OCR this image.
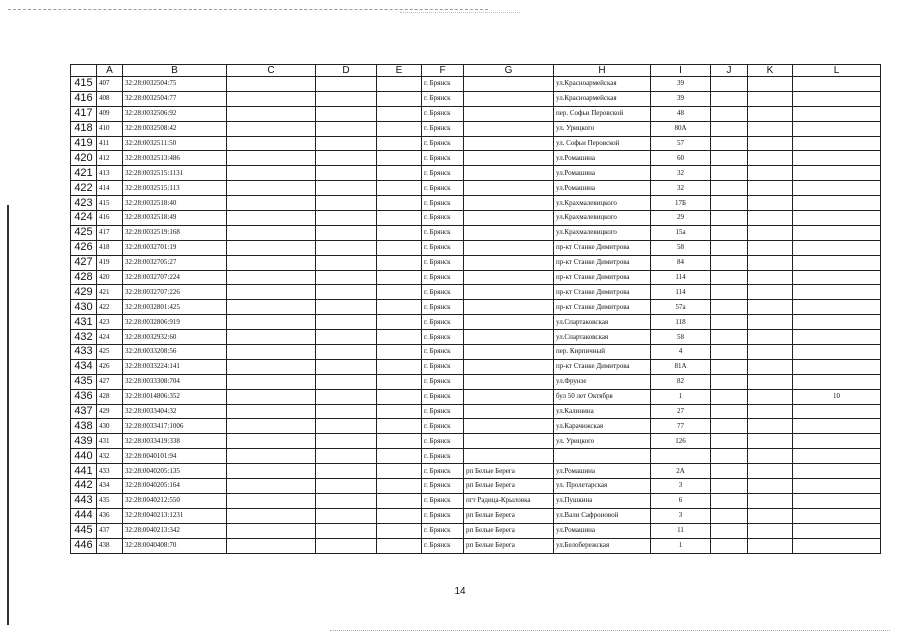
	A	B	C	D	E	F	G	H	I	J	K	L
415	407	32:28:0032504:75				г. Брянск		ул.Красноармейская	39			
416	408	32:28:0032504:77				г. Брянск		ул.Красноармейская	39			
417	409	32:28:0032506:92				г. Брянск		пер. Софьи Перовской	48			
418	410	32:28:0032508:42				г. Брянск		ул. Урицкого	80А			
419	411	32:28:0032511:50				г. Брянск		ул. Софьи Перовской	57			
420	412	32:28:0032513:486				г. Брянск		ул.Ромашина	60			
421	413	32:28:0032515:1131				г. Брянск		ул.Ромашина	32			
422	414	32:28:0032515:113				г. Брянск		ул.Ромашина	32			
423	415	32:28:0032518:40				г. Брянск		ул.Крахмалевицкого	17Б			
424	416	32:28:0032518:49				г. Брянск		ул.Крахмалевицкого	29			
425	417	32:28:0032519:168				г. Брянск		ул.Крахмалевицкого	15а			
426	418	32:28:0032701:19				г. Брянск		пр-кт Станке Димитрова	58			
427	419	32:28:0032705:27				г. Брянск		пр-кт Станке Димитрова	84			
428	420	32:28:0032707:224				г. Брянск		пр-кт Станке Димитрова	114			
429	421	32:28:0032707:226				г. Брянск		пр-кт Станке Димитрова	114			
430	422	32:28:0032801:425				г. Брянск		пр-кт Станке Димитрова	57а			
431	423	32:28:0032806:919				г. Брянск		ул.Спартаковская	118			
432	424	32:28:0032932:60				г. Брянск		ул.Спартаковская	58			
433	425	32:28:0033208:56				г. Брянск		пер. Кирпичный	4			
434	426	32:28:0033224:141				г. Брянск		пр-кт Станке Димитрова	81А			
435	427	32:28:0033308:704				г. Брянск		ул.Фрунзе	82			
436	428	32:28:0014806:352				г. Брянск		бул 50 лет Октября	1			10
437	429	32:28:0033404:32				г. Брянск		ул.Калинина	27			
438	430	32:28:0033417:1006				г. Брянск		ул.Карачижская	77			
439	431	32:28:0033419:338				г. Брянск		ул. Урицкого	126			
440	432	32:28:0040101:94				г. Брянск						
441	433	32:28:0040205:135				г. Брянск	рп Белые Берега	ул.Ромашина	2А			
442	434	32:28:0040205:164				г. Брянск	рп Белые Берега	ул. Пролетарская	3			
443	435	32:28:0040212:550				г. Брянск	пгт Радица-Крыловка	ул.Пушкина	6			
444	436	32:28:0040213:1231				г. Брянск	рп Белые Берега	ул.Вали Сафроновой	3			
445	437	32:28:0040213:342				г. Брянск	рп Белые Берега	ул.Ромашина	11			
446	438	32:28:0040408:70				г. Брянск	рп Белые Берега	ул.Белобережская	1			
14
